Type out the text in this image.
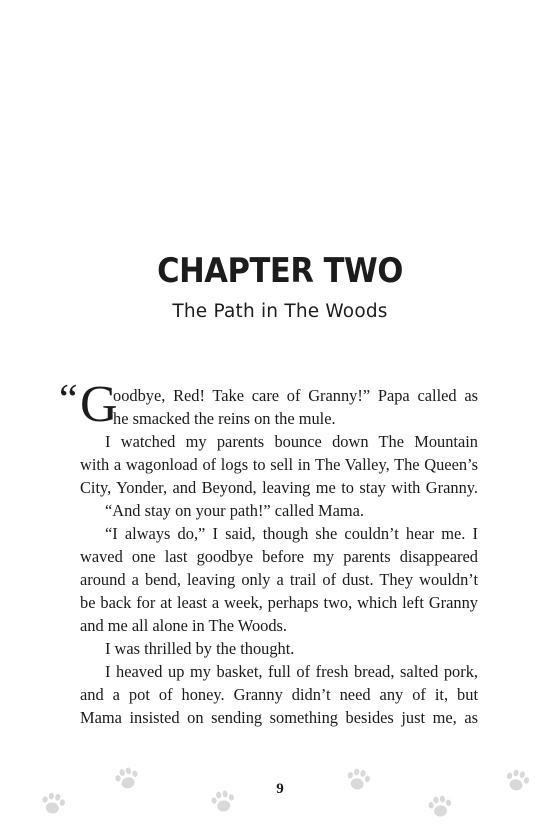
CHAPTER TWO
The Path in The Woods
“ G
oodbye, Red! Take care of Granny!” Papa called as
he smacked the reins on the mule.
I watched my parents bounce down The Mountain
with a wagonload of logs to sell in The Valley, The Queen’s
City, Yonder, and Beyond, leaving me to stay with Granny.
“And stay on your path!” called Mama.
“I always do,” I said, though she couldn’t hear me. I
waved one last goodbye before my parents disappeared
around a bend, leaving only a trail of dust. They wouldn’t
be back for at least a week, perhaps two, which left Granny
and me all alone in The Woods.
I was thrilled by the thought.
I heaved up my basket, full of fresh bread, salted pork,
and a pot of honey. Granny didn’t need any of it, but
Mama insisted on sending something besides just me, as
9
